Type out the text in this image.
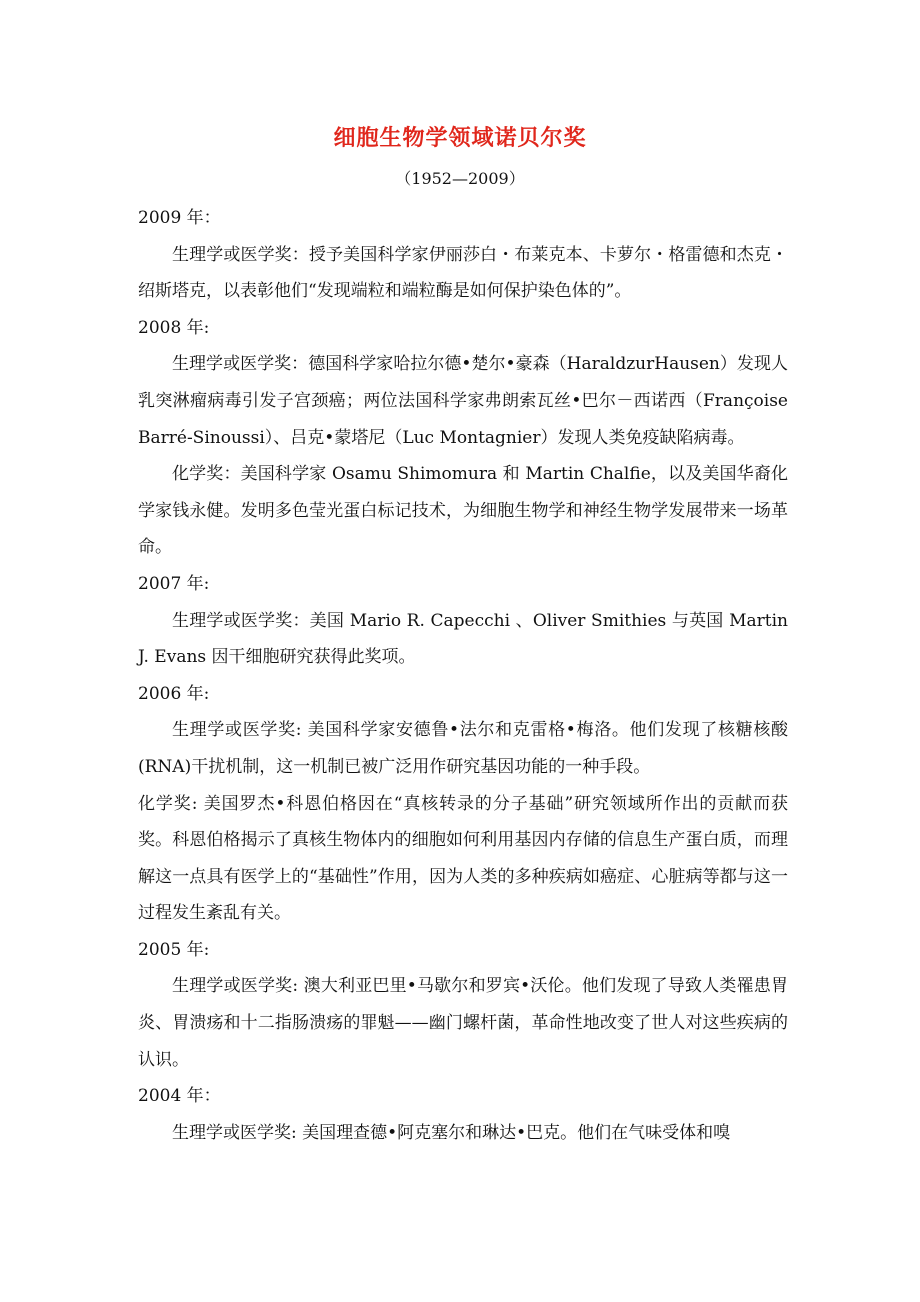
细胞生物学领域诺贝尔奖
（1952—2009）

2009 年：

生理学或医学奖：授予美国科学家伊丽莎白・布莱克本、卡萝尔・格雷德和杰克・绍斯塔克，以表彰他们“发现端粒和端粒酶是如何保护染色体的”。

2008 年:

生理学或医学奖：德国科学家哈拉尔德•楚尔•豪森（HaraldzurHausen）发现人乳突淋瘤病毒引发子宫颈癌；两位法国科学家弗朗索瓦丝•巴尔－西诺西（Françoise Barré-Sinoussi）、吕克•蒙塔尼（Luc Montagnier）发现人类免疫缺陷病毒。

化学奖：美国科学家 Osamu Shimomura 和 Martin Chalfie，以及美国华裔化学家钱永健。发明多色莹光蛋白标记技术，为细胞生物学和神经生物学发展带来一场革命。

2007 年:

生理学或医学奖：美国 Mario R. Capecchi 、Oliver Smithies 与英国 Martin J. Evans 因干细胞研究获得此奖项。

2006 年:

生理学或医学奖: 美国科学家安德鲁•法尔和克雷格•梅洛。他们发现了核糖核酸(RNA)干扰机制，这一机制已被广泛用作研究基因功能的一种手段。

化学奖: 美国罗杰•科恩伯格因在“真核转录的分子基础”研究领域所作出的贡献而获奖。科恩伯格揭示了真核生物体内的细胞如何利用基因内存储的信息生产蛋白质，而理解这一点具有医学上的“基础性”作用，因为人类的多种疾病如癌症、心脏病等都与这一过程发生紊乱有关。

2005 年:

生理学或医学奖: 澳大利亚巴里•马歇尔和罗宾•沃伦。他们发现了导致人类罹患胃炎、胃溃疡和十二指肠溃疡的罪魁——幽门螺杆菌，革命性地改变了世人对这些疾病的认识。

2004 年：

生理学或医学奖: 美国理查德•阿克塞尔和琳达•巴克。他们在气味受体和嗅
